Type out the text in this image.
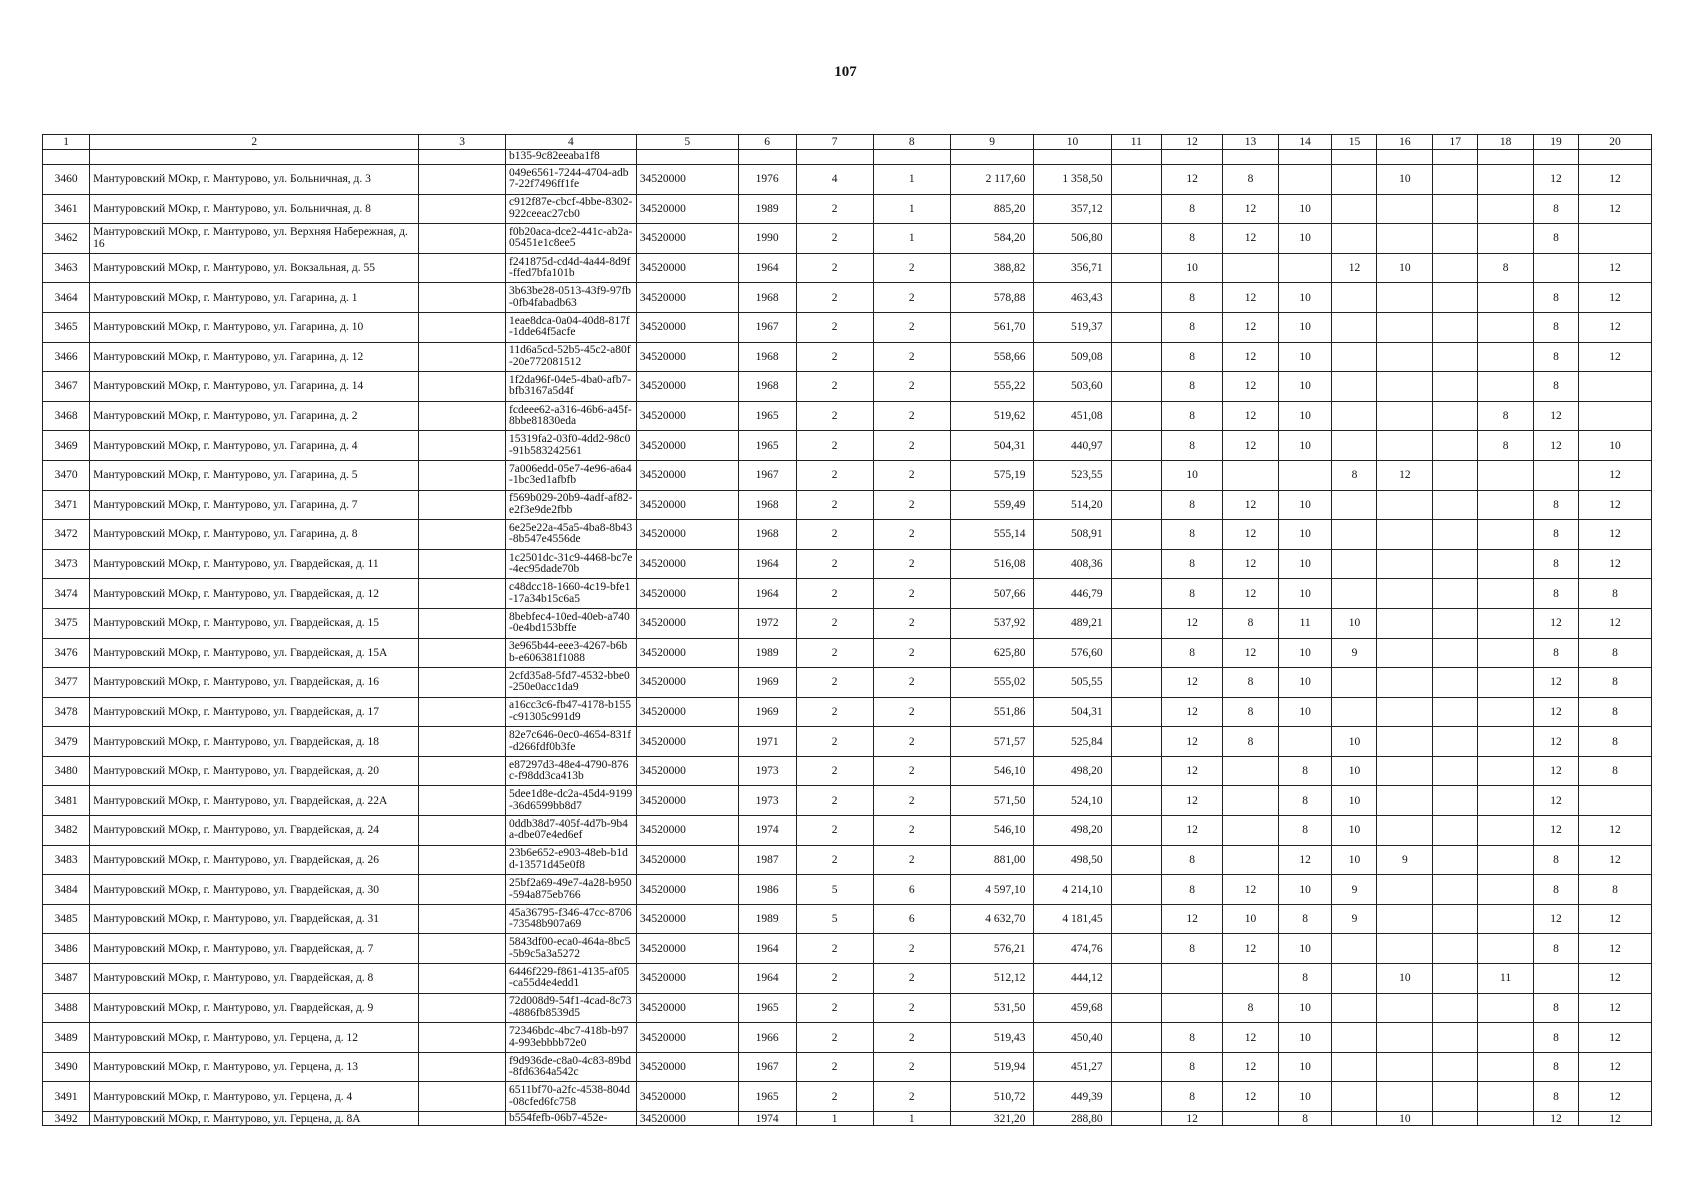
107
1	2	3	4	5	6	7	8	9	10	11	12	13	14	15	16	17	18	19	20
			b135-9c82eeaba1f8																
3460	Мантуровский МОкр, г. Мантурово, ул. Больничная, д. 3		049e6561-7244-4704-adb7-22f7496ff1fe	34520000	1976	4	1	2 117,60	1 358,50		12	8			10			12	12
3461	Мантуровский МОкр, г. Мантурово, ул. Больничная, д. 8		c912f87e-cbcf-4bbe-8302-922ceeac27cb0	34520000	1989	2	1	885,20	357,12		8	12	10					8	12
3462	Мантуровский МОкр, г. Мантурово, ул. Верхняя Набережная, д. 16		f0b20aca-dce2-441c-ab2a-05451e1c8ee5	34520000	1990	2	1	584,20	506,80		8	12	10					8	
3463	Мантуровский МОкр, г. Мантурово, ул. Вокзальная, д. 55		f241875d-cd4d-4a44-8d9f-ffed7bfa101b	34520000	1964	2	2	388,82	356,71		10			12	10		8		12
3464	Мантуровский МОкр, г. Мантурово, ул. Гагарина, д. 1		3b63be28-0513-43f9-97fb-0fb4fabadb63	34520000	1968	2	2	578,88	463,43		8	12	10					8	12
3465	Мантуровский МОкр, г. Мантурово, ул. Гагарина, д. 10		1eae8dca-0a04-40d8-817f-1dde64f5acfe	34520000	1967	2	2	561,70	519,37		8	12	10					8	12
3466	Мантуровский МОкр, г. Мантурово, ул. Гагарина, д. 12		11d6a5cd-52b5-45c2-a80f-20e772081512	34520000	1968	2	2	558,66	509,08		8	12	10					8	12
3467	Мантуровский МОкр, г. Мантурово, ул. Гагарина, д. 14		1f2da96f-04e5-4ba0-afb7-bfb3167a5d4f	34520000	1968	2	2	555,22	503,60		8	12	10					8	
3468	Мантуровский МОкр, г. Мантурово, ул. Гагарина, д. 2		fcdeee62-a316-46b6-a45f-8bbe81830eda	34520000	1965	2	2	519,62	451,08		8	12	10				8	12	
3469	Мантуровский МОкр, г. Мантурово, ул. Гагарина, д. 4		15319fa2-03f0-4dd2-98c0-91b583242561	34520000	1965	2	2	504,31	440,97		8	12	10				8	12	10
3470	Мантуровский МОкр, г. Мантурово, ул. Гагарина, д. 5		7a006edd-05e7-4e96-a6a4-1bc3ed1afbfb	34520000	1967	2	2	575,19	523,55		10			8	12				12
3471	Мантуровский МОкр, г. Мантурово, ул. Гагарина, д. 7		f569b029-20b9-4adf-af82-e2f3e9de2fbb	34520000	1968	2	2	559,49	514,20		8	12	10					8	12
3472	Мантуровский МОкр, г. Мантурово, ул. Гагарина, д. 8		6e25e22a-45a5-4ba8-8b43-8b547e4556de	34520000	1968	2	2	555,14	508,91		8	12	10					8	12
3473	Мантуровский МОкр, г. Мантурово, ул. Гвардейская, д. 11		1c2501dc-31c9-4468-bc7e-4ec95dade70b	34520000	1964	2	2	516,08	408,36		8	12	10					8	12
3474	Мантуровский МОкр, г. Мантурово, ул. Гвардейская, д. 12		c48dcc18-1660-4c19-bfe1-17a34b15c6a5	34520000	1964	2	2	507,66	446,79		8	12	10					8	8
3475	Мантуровский МОкр, г. Мантурово, ул. Гвардейская, д. 15		8bebfec4-10ed-40eb-a740-0e4bd153bffe	34520000	1972	2	2	537,92	489,21		12	8	11	10				12	12
3476	Мантуровский МОкр, г. Мантурово, ул. Гвардейская, д. 15А		3e965b44-eee3-4267-b6bb-e606381f1088	34520000	1989	2	2	625,80	576,60		8	12	10	9				8	8
3477	Мантуровский МОкр, г. Мантурово, ул. Гвардейская, д. 16		2cfd35a8-5fd7-4532-bbe0-250e0acc1da9	34520000	1969	2	2	555,02	505,55		12	8	10					12	8
3478	Мантуровский МОкр, г. Мантурово, ул. Гвардейская, д. 17		a16cc3c6-fb47-4178-b155-c91305c991d9	34520000	1969	2	2	551,86	504,31		12	8	10					12	8
3479	Мантуровский МОкр, г. Мантурово, ул. Гвардейская, д. 18		82e7c646-0ec0-4654-831f-d266fdf0b3fe	34520000	1971	2	2	571,57	525,84		12	8		10				12	8
3480	Мантуровский МОкр, г. Мантурово, ул. Гвардейская, д. 20		e87297d3-48e4-4790-876c-f98dd3ca413b	34520000	1973	2	2	546,10	498,20		12		8	10				12	8
3481	Мантуровский МОкр, г. Мантурово, ул. Гвардейская, д. 22А		5dee1d8e-dc2a-45d4-9199-36d6599bb8d7	34520000	1973	2	2	571,50	524,10		12		8	10				12	
3482	Мантуровский МОкр, г. Мантурово, ул. Гвардейская, д. 24		0ddb38d7-405f-4d7b-9b4a-dbe07e4ed6ef	34520000	1974	2	2	546,10	498,20		12		8	10				12	12
3483	Мантуровский МОкр, г. Мантурово, ул. Гвардейская, д. 26		23b6e652-e903-48eb-b1dd-13571d45e0f8	34520000	1987	2	2	881,00	498,50		8		12	10	9			8	12
3484	Мантуровский МОкр, г. Мантурово, ул. Гвардейская, д. 30		25bf2a69-49e7-4a28-b950-594a875eb766	34520000	1986	5	6	4 597,10	4 214,10		8	12	10	9				8	8
3485	Мантуровский МОкр, г. Мантурово, ул. Гвардейская, д. 31		45a36795-f346-47cc-8706-73548b907a69	34520000	1989	5	6	4 632,70	4 181,45		12	10	8	9				12	12
3486	Мантуровский МОкр, г. Мантурово, ул. Гвардейская, д. 7		5843df00-eca0-464a-8bc5-5b9c5a3a5272	34520000	1964	2	2	576,21	474,76		8	12	10					8	12
3487	Мантуровский МОкр, г. Мантурово, ул. Гвардейская, д. 8		6446f229-f861-4135-af05-ca55d4e4edd1	34520000	1964	2	2	512,12	444,12				8		10		11		12
3488	Мантуровский МОкр, г. Мантурово, ул. Гвардейская, д. 9		72d008d9-54f1-4cad-8c73-4886fb8539d5	34520000	1965	2	2	531,50	459,68			8	10					8	12
3489	Мантуровский МОкр, г. Мантурово, ул. Герцена, д. 12		72346bdc-4bc7-418b-b974-993ebbbb72e0	34520000	1966	2	2	519,43	450,40		8	12	10					8	12
3490	Мантуровский МОкр, г. Мантурово, ул. Герцена, д. 13		f9d936de-c8a0-4c83-89bd-8fd6364a542c	34520000	1967	2	2	519,94	451,27		8	12	10					8	12
3491	Мантуровский МОкр, г. Мантурово, ул. Герцена, д. 4		6511bf70-a2fc-4538-804d-08cfed6fc758	34520000	1965	2	2	510,72	449,39		8	12	10					8	12
3492	Мантуровский МОкр, г. Мантурово, ул. Герцена, д. 8А		b554fefb-06b7-452e-	34520000	1974	1	1	321,20	288,80		12		8		10			12	12
